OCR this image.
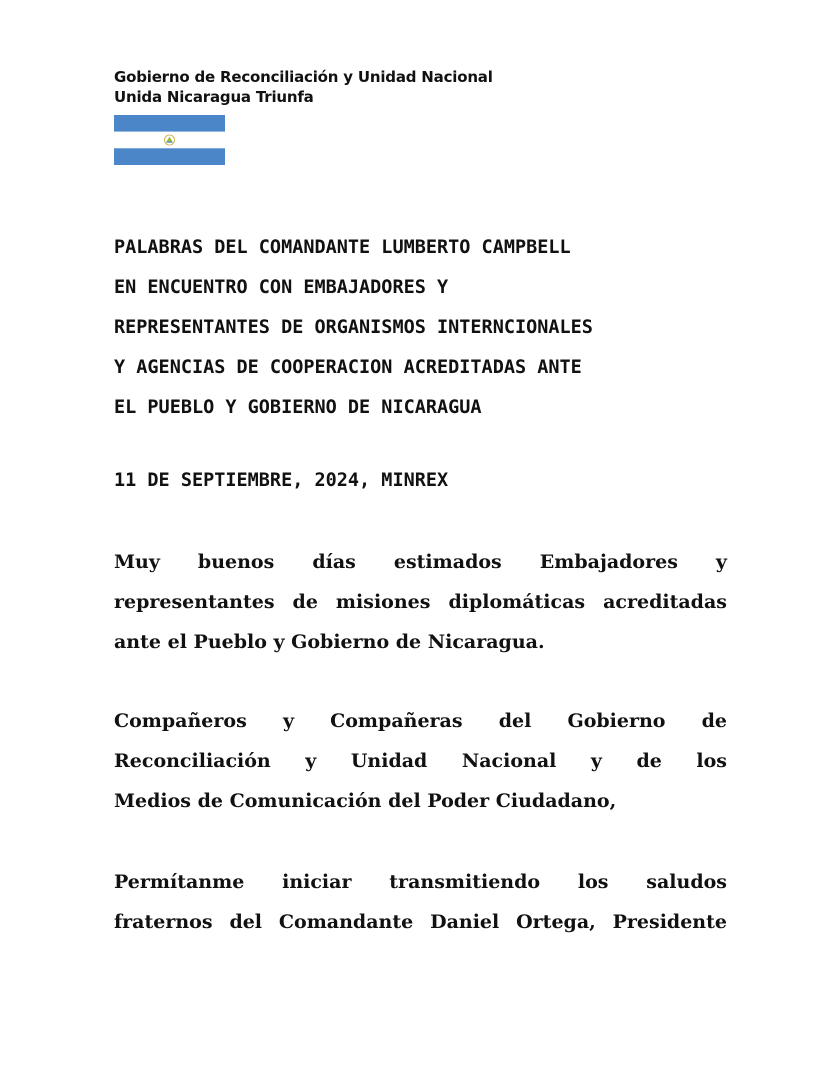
Gobierno de Reconciliación y Unidad Nacional
Unida Nicaragua Triunfa
PALABRAS DEL COMANDANTE LUMBERTO CAMPBELL
EN ENCUENTRO CON EMBAJADORES Y
REPRESENTANTES DE ORGANISMOS INTERNCIONALES
Y AGENCIAS DE COOPERACION ACREDITADAS ANTE
EL PUEBLO Y GOBIERNO DE NICARAGUA
11 DE SEPTIEMBRE, 2024, MINREX
Muy buenos días estimados Embajadores y
representantes de misiones diplomáticas acreditadas
ante el Pueblo y Gobierno de Nicaragua.
Compañeros y Compañeras del Gobierno de
Reconciliación y Unidad Nacional y de los
Medios de Comunicación del Poder Ciudadano,
Permítanme iniciar transmitiendo los saludos
fraternos del Comandante Daniel Ortega, Presidente
